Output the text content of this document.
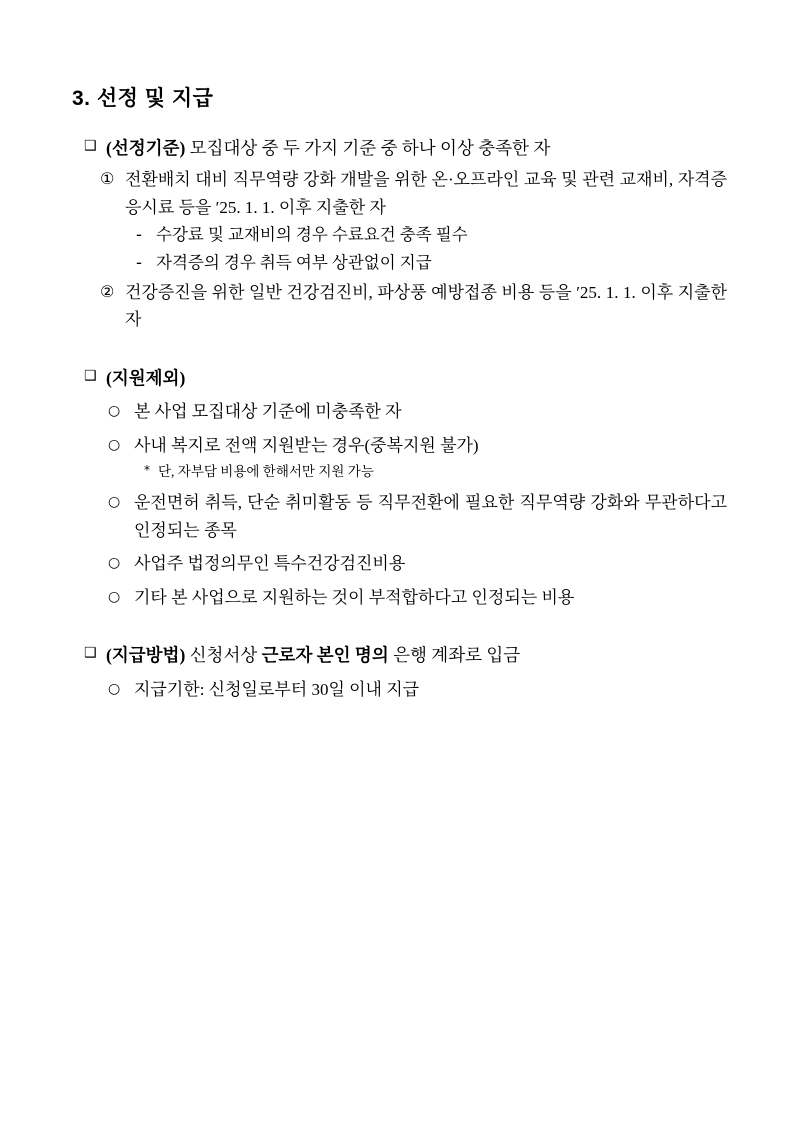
3. 선정 및 지급
❑ (선정기준) 모집대상 중 두 가지 기준 중 하나 이상 충족한 자
① 전환배치 대비 직무역량 강화 개발을 위한 온·오프라인 교육 및 관련 교재비, 자격증 응시료 등을 ′25. 1. 1. 이후 지출한 자
- 수강료 및 교재비의 경우 수료요건 충족 필수
- 자격증의 경우 취득 여부 상관없이 지급
② 건강증진을 위한 일반 건강검진비, 파상풍 예방접종 비용 등을 ′25. 1. 1. 이후 지출한 자
❑ (지원제외)
○ 본 사업 모집대상 기준에 미충족한 자
○ 사내 복지로 전액 지원받는 경우(중복지원 불가)
* 단, 자부담 비용에 한해서만 지원 가능
○ 운전면허 취득, 단순 취미활동 등 직무전환에 필요한 직무역량 강화와 무관하다고 인정되는 종목
○ 사업주 법정의무인 특수건강검진비용
○ 기타 본 사업으로 지원하는 것이 부적합하다고 인정되는 비용
❑ (지급방법) 신청서상 근로자 본인 명의 은행 계좌로 입금
○ 지급기한: 신청일로부터 30일 이내 지급
